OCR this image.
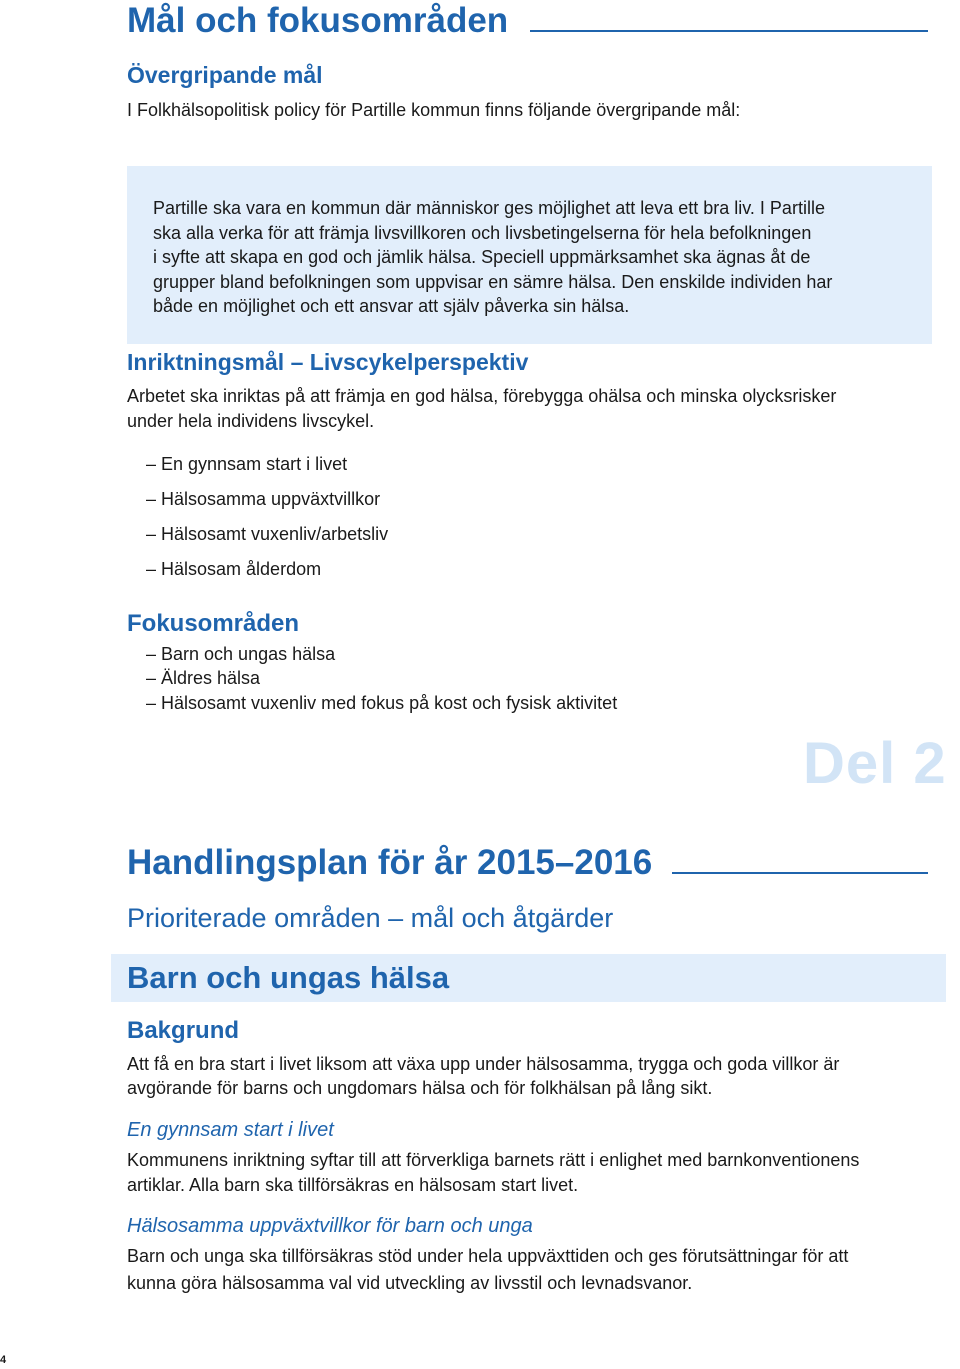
Mål och fokusområden
Övergripande mål
I Folkhälsopolitisk policy för Partille kommun finns följande övergripande mål:
Partille ska vara en kommun där människor ges möjlighet att leva ett bra liv. I Partille
ska alla verka för att främja livsvillkoren och livsbetingelserna för hela befolkningen
i syfte att skapa en god och jämlik hälsa. Speciell uppmärksamhet ska ägnas åt de
grupper bland befolkningen som uppvisar en sämre hälsa. Den enskilde individen har
både en möjlighet och ett ansvar att själv påverka sin hälsa.
Inriktningsmål – Livscykelperspektiv
Arbetet ska inriktas på att främja en god hälsa, förebygga ohälsa och minska olycksrisker
under hela individens livscykel.
– En gynnsam start i livet
– Hälsosamma uppväxtvillkor
– Hälsosamt vuxenliv/arbetsliv
– Hälsosam ålderdom
Fokusområden
– Barn och ungas hälsa
– Äldres hälsa
– Hälsosamt vuxenliv med fokus på kost och fysisk aktivitet
Del 2
Handlingsplan för år 2015–2016
Prioriterade områden – mål och åtgärder
Barn och ungas hälsa
Bakgrund
Att få en bra start i livet liksom att växa upp under hälsosamma, trygga och goda villkor är
avgörande för barns och ungdomars hälsa och för folkhälsan på lång sikt.
En gynnsam start i livet
Kommunens inriktning syftar till att förverkliga barnets rätt i enlighet med barnkonventionens
artiklar. Alla barn ska tillförsäkras en hälsosam start livet.
Hälsosamma uppväxtvillkor för barn och unga
Barn och unga ska tillförsäkras stöd under hela uppväxttiden och ges förutsättningar för att
kunna göra hälsosamma val vid utveckling av livsstil och levnadsvanor.
4
